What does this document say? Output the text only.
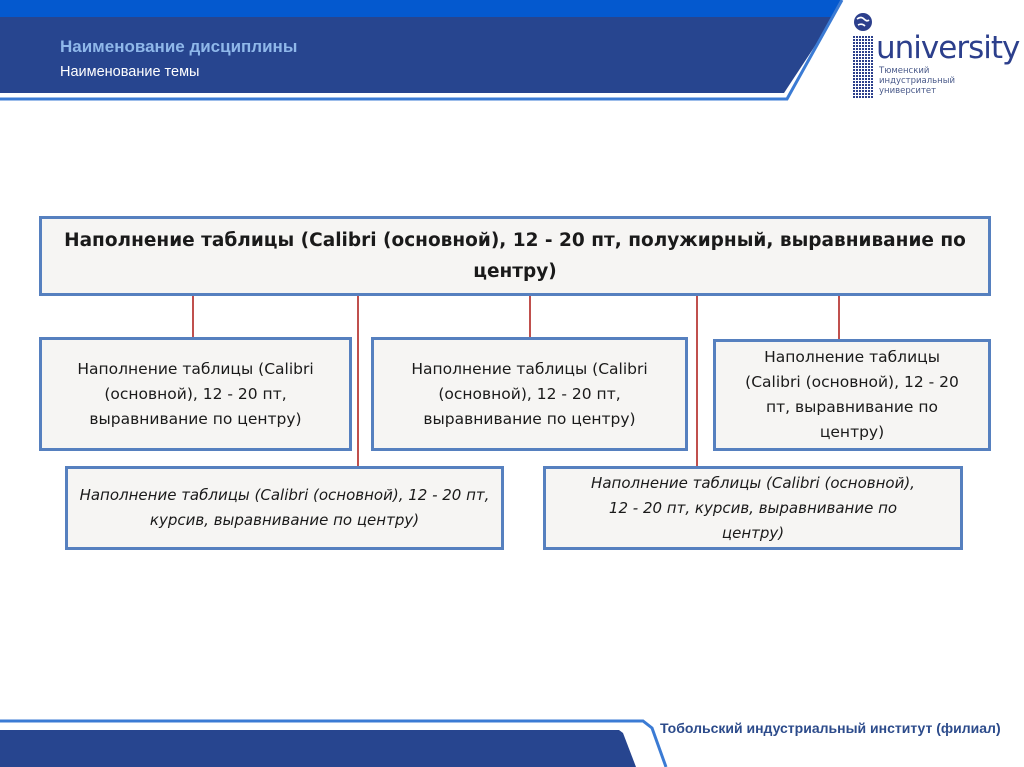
Наименование дисциплины
Наименование темы
university
Тюменский
индустриальный
университет
Наполнение таблицы (Calibri (основной), 12 - 20 пт, полужирный, выравнивание по центру)
Наполнение таблицы (Calibri (основной), 12 - 20 пт, выравнивание по центру)
Наполнение таблицы (Calibri (основной), 12 - 20 пт, выравнивание по центру)
Наполнение таблицы (Calibri (основной), 12 - 20 пт, выравнивание по центру)
Наполнение таблицы (Calibri (основной), 12 - 20 пт, курсив, выравнивание по центру)
Наполнение таблицы (Calibri (основной), 12 - 20 пт, курсив, выравнивание по центру)
Тобольский индустриальный институт (филиал)
